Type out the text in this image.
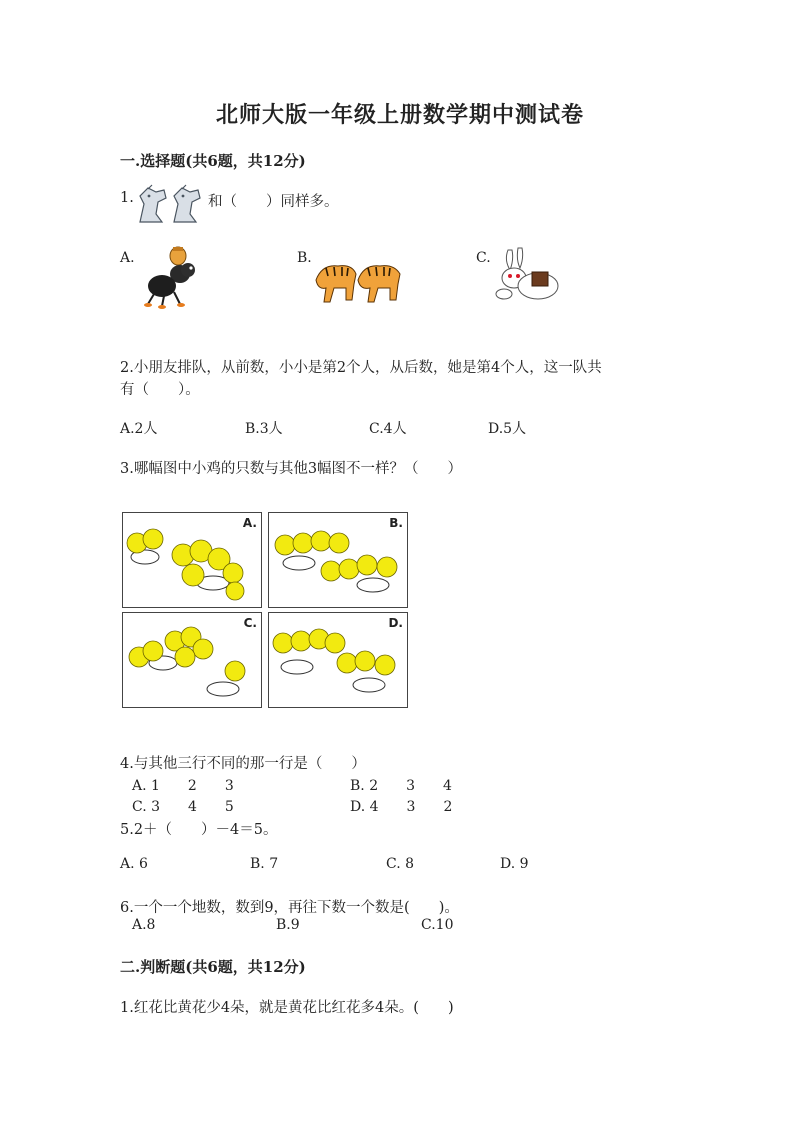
北师大版一年级上册数学期中测试卷
一.选择题(共6题，共12分)
1.	和（　　）同样多。
A.	B.	C.
2.小朋友排队，从前数，小小是第2个人，从后数，她是第4个人，这一队共
有（　　）。
A.2人	B.3人	C.4人	D.5人
3.哪幅图中小鸡的只数与其他3幅图不一样？（　　）
A.	B.
C.	D.
4.与其他三行不同的那一行是（　　）
A. 1　　2　　3	B. 2　　3　　4
C. 3　　4　　5	D. 4　　3　　2
5.2＋（　　）－4＝5。
A. 6	B. 7	C. 8	D. 9
6.一个一个地数，数到9，再往下数一个数是(　　)。
A.8	B.9	C.10
二.判断题(共6题，共12分)
1.红花比黄花少4朵，就是黄花比红花多4朵。(　　)
